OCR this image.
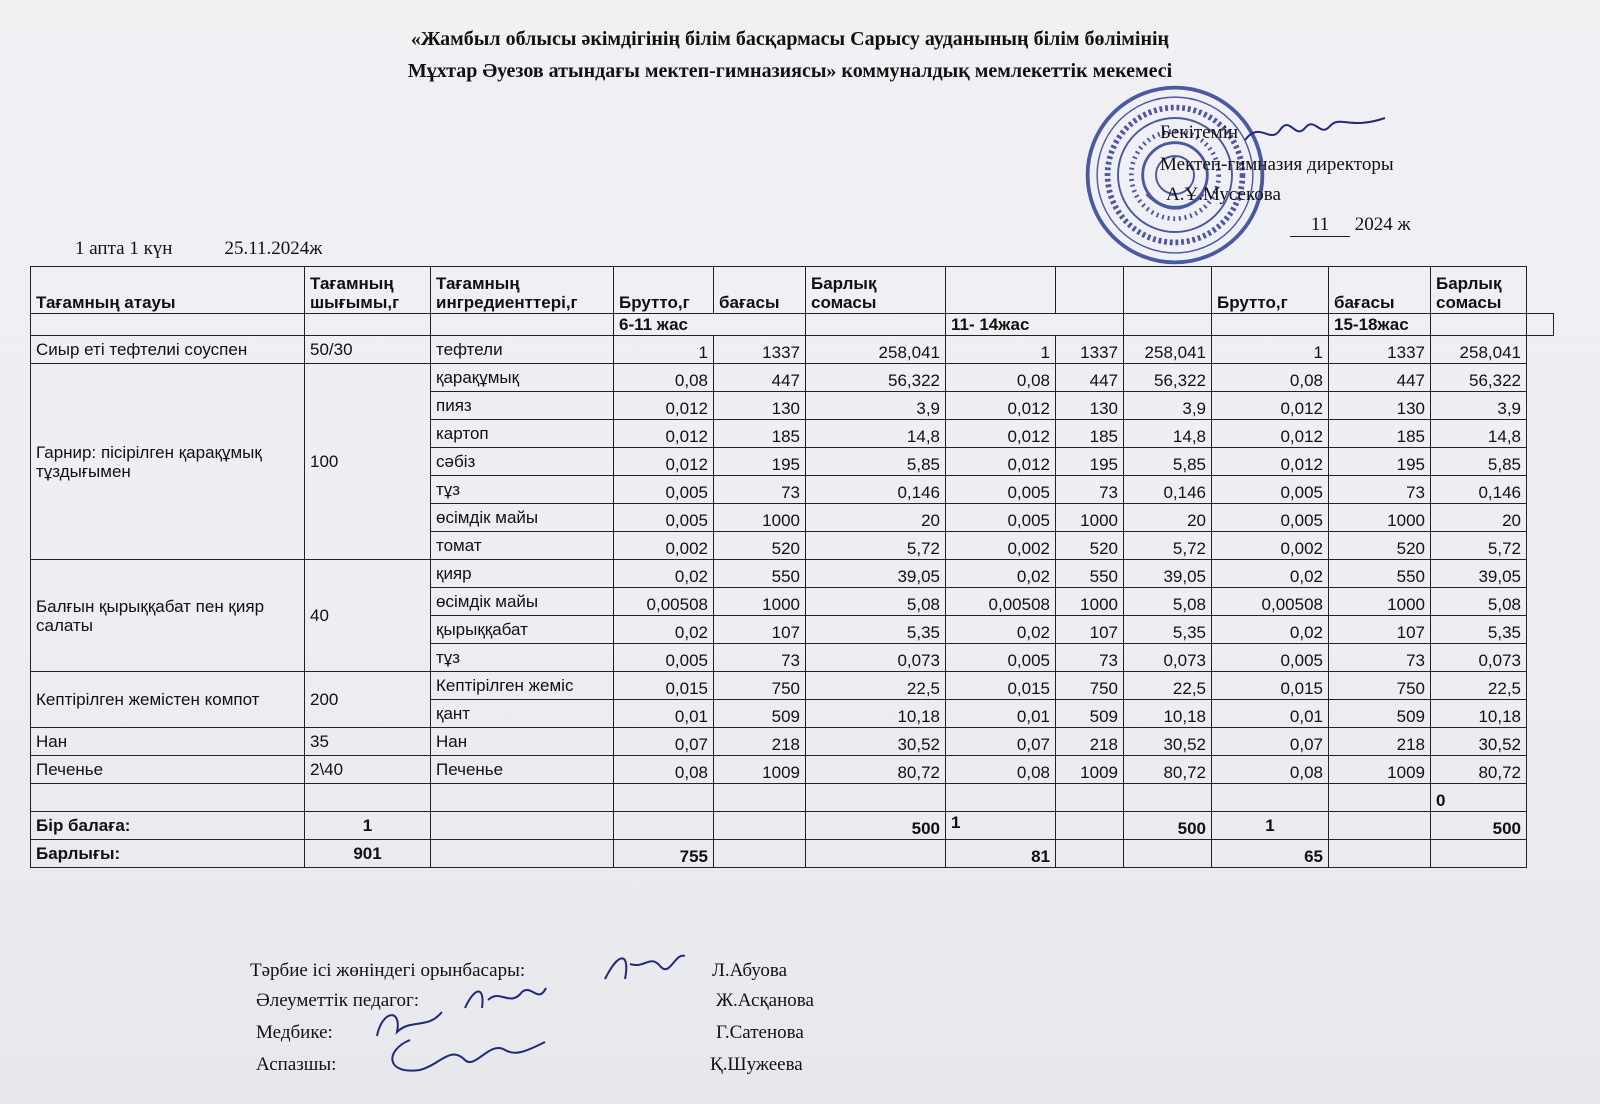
«Жамбыл облысы әкімдігінің білім басқармасы Сарысу ауданының білім бөлімінің
Мұхтар Әуезов атындағы мектеп-гимназиясы» коммуналдық мемлекеттік мекемесі
Бекітемін
Мектеп-гимназия директоры
А.Ұ.Мусекова
11 2024 ж
1 апта 1 күн	25.11.2024ж
Тағамның атауы	Тағамның шығымы,г	Тағамның ингредиенттері,г	Брутто,г	бағасы	Барлық сомасы				Брутто,г	бағасы	Барлық сомасы	
			6-11 жас			11- 14жас				15-18жас		
Сиыр еті тефтелиі соуспен	50/30	тефтели	1	1337	258,041	1	1337	258,041	1	1337	258,041	
Гарнир: пісірілген қарақұмық тұздығымен	100	қарақұмық	0,08	447	56,322	0,08	447	56,322	0,08	447	56,322	
		пияз	0,012	130	3,9	0,012	130	3,9	0,012	130	3,9	
		картоп	0,012	185	14,8	0,012	185	14,8	0,012	185	14,8	
		сәбіз	0,012	195	5,85	0,012	195	5,85	0,012	195	5,85	
		тұз	0,005	73	0,146	0,005	73	0,146	0,005	73	0,146	
		өсімдік майы	0,005	1000	20	0,005	1000	20	0,005	1000	20	
		томат	0,002	520	5,72	0,002	520	5,72	0,002	520	5,72	
Балғын қырыққабат пен қияр салаты	40	қияр	0,02	550	39,05	0,02	550	39,05	0,02	550	39,05	
		өсімдік майы	0,00508	1000	5,08	0,00508	1000	5,08	0,00508	1000	5,08	
		қырыққабат	0,02	107	5,35	0,02	107	5,35	0,02	107	5,35	
		тұз	0,005	73	0,073	0,005	73	0,073	0,005	73	0,073	
Кептірілген жемістен компот	200	Кептірілген жеміс	0,015	750	22,5	0,015	750	22,5	0,015	750	22,5	
		қант	0,01	509	10,18	0,01	509	10,18	0,01	509	10,18	
Нан	35	Нан	0,07	218	30,52	0,07	218	30,52	0,07	218	30,52	
Печенье	2\40	Печенье	0,08	1009	80,72	0,08	1009	80,72	0,08	1009	80,72	
											0	
Бір балаға:	1				500	1		500	1		500	
Барлығы:	901		755			81			65			
Тәрбие ісі жөніндегі орынбасары:
Әлеуметтік педагог:
Медбике:
Аспазшы:
Л.Абуова
Ж.Асқанова
Г.Сатенова
Қ.Шужеева
